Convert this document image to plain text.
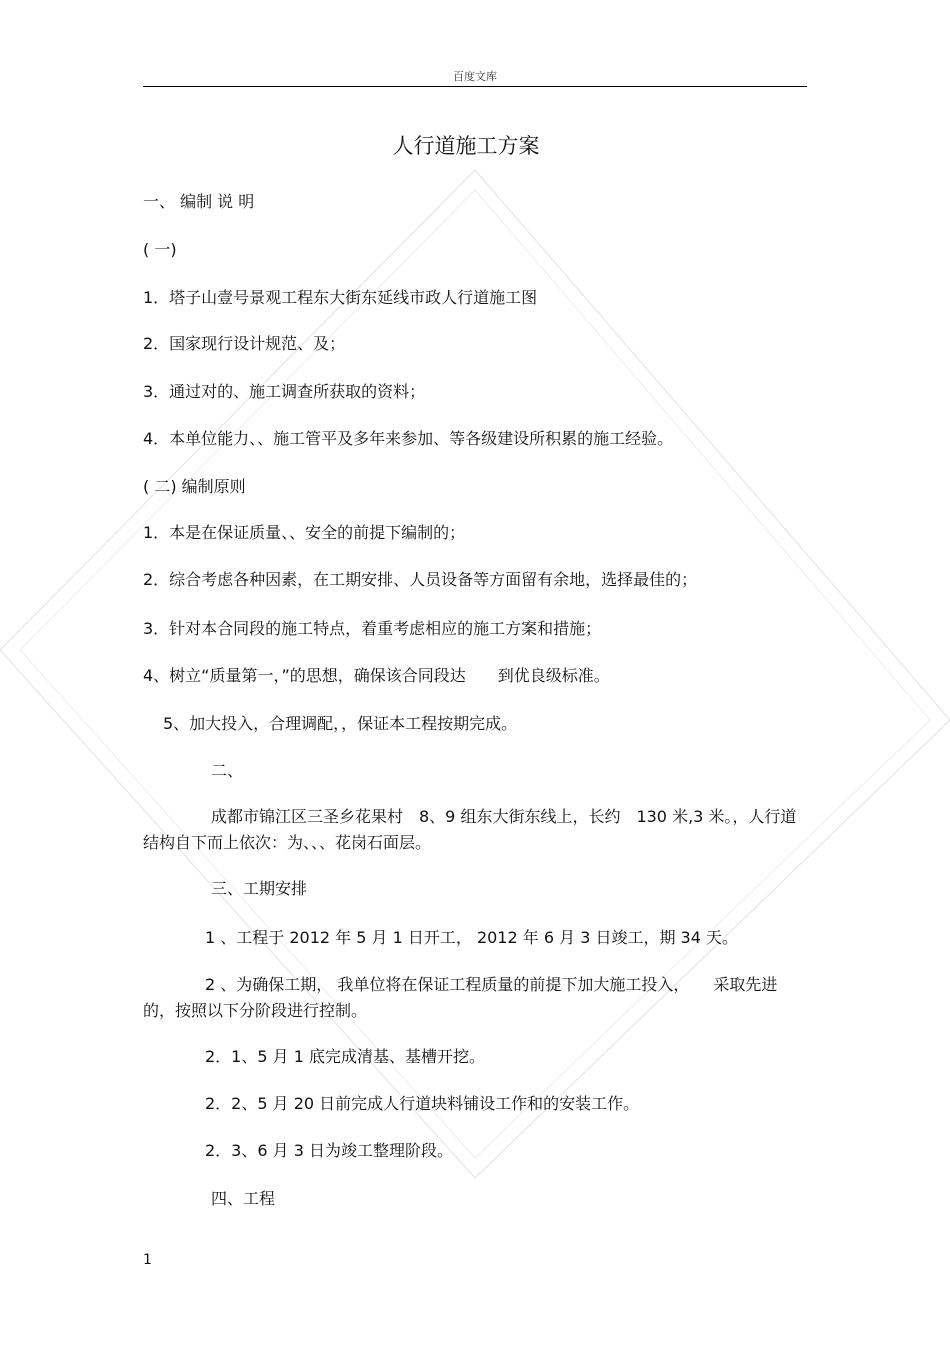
百度文库
人行道施工方案
一、 编制 说 明
( 一)
1．塔子山壹号景观工程东大街东延线市政人行道施工图
2．国家现行设计规范、及；
3．通过对的、施工调查所获取的资料；
4．本单位能力、、施工管平及多年来参加、等各级建设所积累的施工经验。
( 二) 编制原则
1．本是在保证质量、、安全的前提下编制的；
2．综合考虑各种因素，在工期安排、人员设备等方面留有余地，选择最佳的；
3．针对本合同段的施工特点，着重考虑相应的施工方案和措施；
4、树立“质量第一，”的思想，确保该合同段达　　到优良级标准。
5、加大投入，合理调配，，保证本工程按期完成。
二、
成都市锦江区三圣乡花果村　8、9 组东大街东线上，长约　130 米,3 米。，人行道结构自下而上依次：为、、、花岗石面层。
三、工期安排
1 、工程于 2012 年 5 月 1 日开工， 2012 年 6 月 3 日竣工，期 34 天。
2 、为确保工期， 我单位将在保证工程质量的前提下加大施工投入，　　采取先进的，按照以下分阶段进行控制。
2．1、5 月 1 底完成清基、基槽开挖。
2．2、5 月 20 日前完成人行道块料铺设工作和的安装工作。
2．3、6 月 3 日为竣工整理阶段。
四、工程
1
